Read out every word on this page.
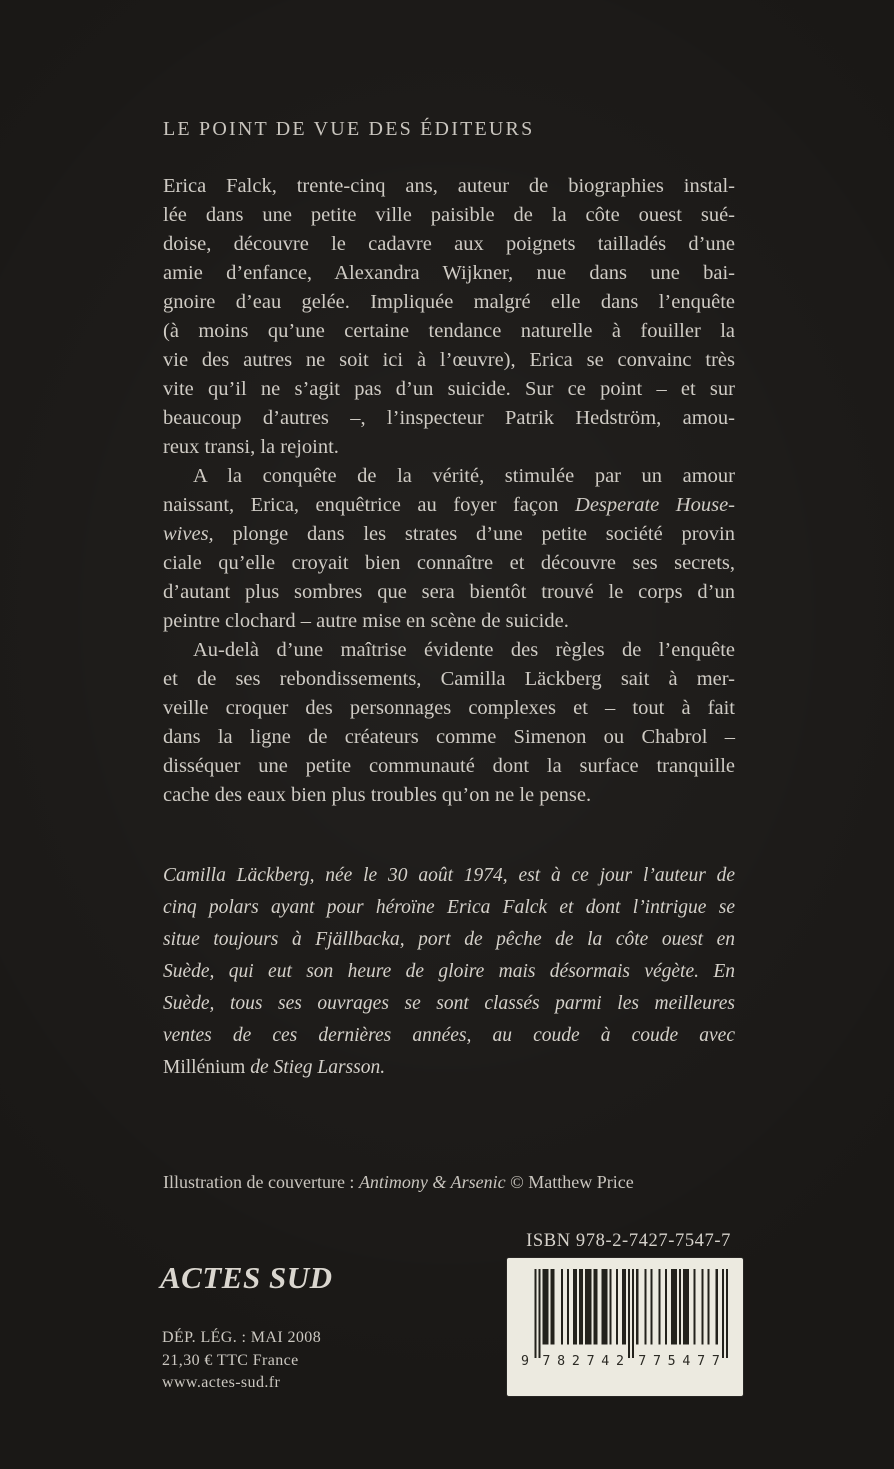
LE POINT DE VUE DES ÉDITEURS
Erica Falck, trente-cinq ans, auteur de biographies instal-
lée dans une petite ville paisible de la côte ouest sué-
doise, découvre le cadavre aux poignets tailladés d’une
amie d’enfance, Alexandra Wijkner, nue dans une bai-
gnoire d’eau gelée. Impliquée malgré elle dans l’enquête
(à moins qu’une certaine tendance naturelle à fouiller la
vie des autres ne soit ici à l’œuvre), Erica se convainc très
vite qu’il ne s’agit pas d’un suicide. Sur ce point – et sur
beaucoup d’autres –, l’inspecteur Patrik Hedström, amou-
reux transi, la rejoint.
A la conquête de la vérité, stimulée par un amour
naissant, Erica, enquêtrice au foyer façon Desperate House-
wives, plonge dans les strates d’une petite société provin
ciale qu’elle croyait bien connaître et découvre ses secrets,
d’autant plus sombres que sera bientôt trouvé le corps d’un
peintre clochard – autre mise en scène de suicide.
Au-delà d’une maîtrise évidente des règles de l’enquête
et de ses rebondissements, Camilla Läckberg sait à mer-
veille croquer des personnages complexes et – tout à fait
dans la ligne de créateurs comme Simenon ou Chabrol –
disséquer une petite communauté dont la surface tranquille
cache des eaux bien plus troubles qu’on ne le pense.
Camilla Läckberg, née le 30 août 1974, est à ce jour l’auteur de
cinq polars ayant pour héroïne Erica Falck et dont l’intrigue se
situe toujours à Fjällbacka, port de pêche de la côte ouest en
Suède, qui eut son heure de gloire mais désormais végète. En
Suède, tous ses ouvrages se sont classés parmi les meilleures
ventes de ces dernières années, au coude à coude avec
Millénium de Stieg Larsson.
Illustration de couverture : Antimony & Arsenic © Matthew Price
ISBN 978-2-7427-7547-7
ACTES SUD
DÉP. LÉG. : MAI 2008
21,30 € TTC France
www.actes-sud.fr
9 782742 775477
